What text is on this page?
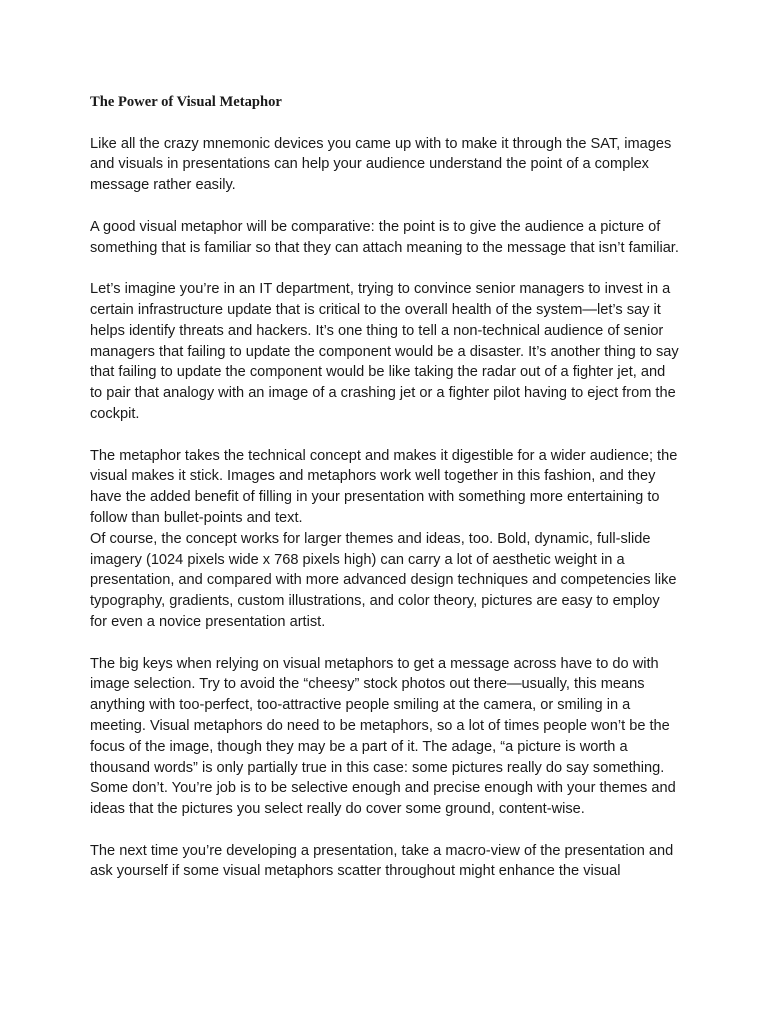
The Power of Visual Metaphor

Like all the crazy mnemonic devices you came up with to make it through the SAT, images and visuals in presentations can help your audience understand the point of a complex message rather easily.

A good visual metaphor will be comparative: the point is to give the audience a picture of something that is familiar so that they can attach meaning to the message that isn’t familiar.

Let’s imagine you’re in an IT department, trying to convince senior managers to invest in a certain infrastructure update that is critical to the overall health of the system—let’s say it helps identify threats and hackers. It’s one thing to tell a non-technical audience of senior managers that failing to update the component would be a disaster. It’s another thing to say that failing to update the component would be like taking the radar out of a fighter jet, and to pair that analogy with an image of a crashing jet or a fighter pilot having to eject from the cockpit.

The metaphor takes the technical concept and makes it digestible for a wider audience; the visual makes it stick. Images and metaphors work well together in this fashion, and they have the added benefit of filling in your presentation with something more entertaining to follow than bullet-points and text.

Of course, the concept works for larger themes and ideas, too. Bold, dynamic, full-slide imagery (1024 pixels wide x 768 pixels high) can carry a lot of aesthetic weight in a presentation, and compared with more advanced design techniques and competencies like typography, gradients, custom illustrations, and color theory, pictures are easy to employ for even a novice presentation artist.

The big keys when relying on visual metaphors to get a message across have to do with image selection. Try to avoid the “cheesy” stock photos out there—usually, this means anything with too-perfect, too-attractive people smiling at the camera, or smiling in a meeting. Visual metaphors do need to be metaphors, so a lot of times people won’t be the focus of the image, though they may be a part of it. The adage, “a picture is worth a thousand words” is only partially true in this case: some pictures really do say something. Some don’t. You’re job is to be selective enough and precise enough with your themes and ideas that the pictures you select really do cover some ground, content-wise.

The next time you’re developing a presentation, take a macro-view of the presentation and ask yourself if some visual metaphors scatter throughout might enhance the visual
